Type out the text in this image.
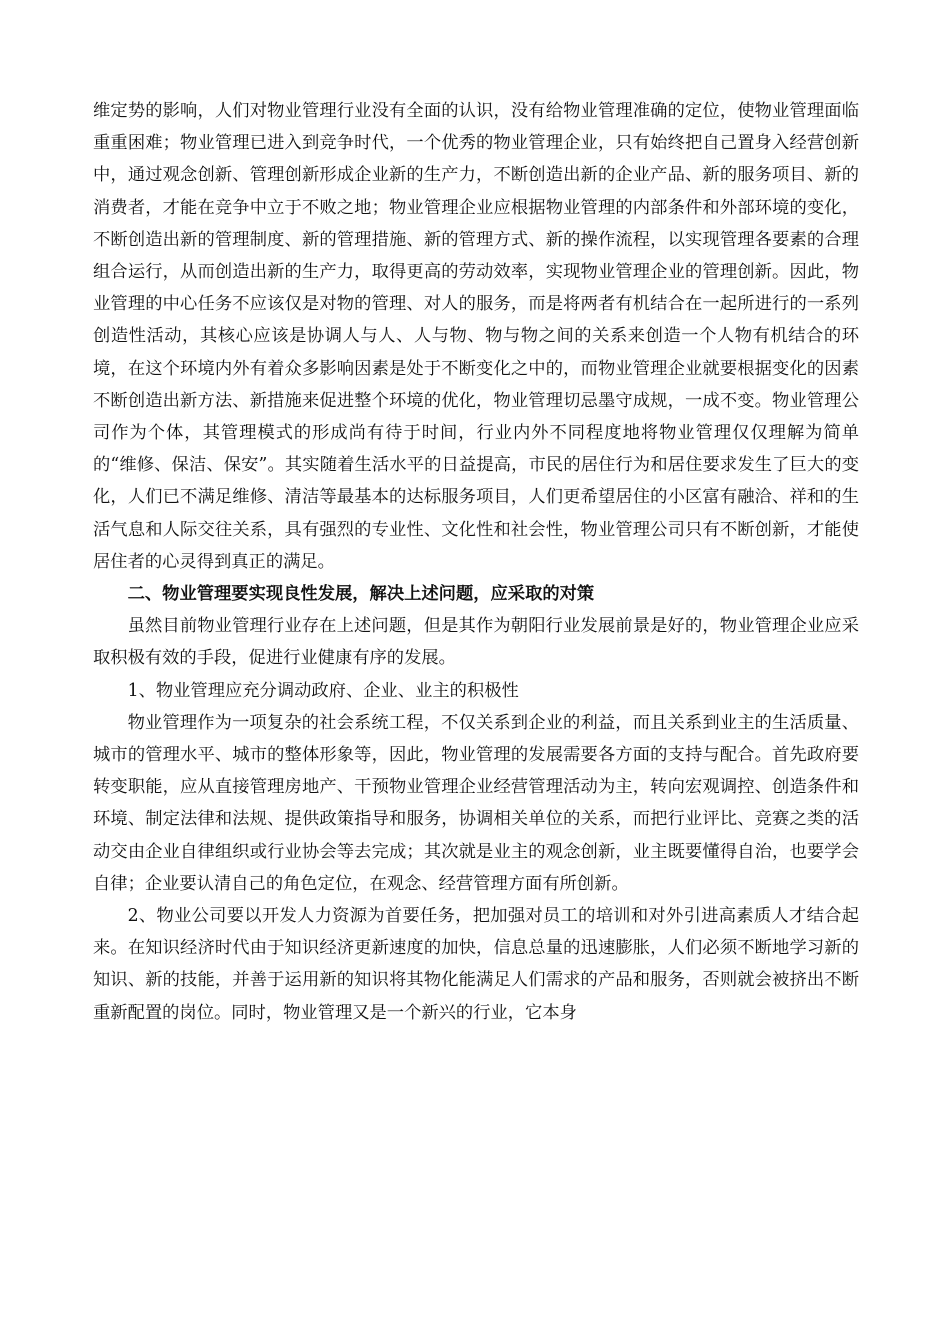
维定势的影响，人们对物业管理行业没有全面的认识，没有给物业管理准确的定位，使物业管理面临重重困难；物业管理已进入到竞争时代，一个优秀的物业管理企业，只有始终把自己置身入经营创新中，通过观念创新、管理创新形成企业新的生产力，不断创造出新的企业产品、新的服务项目、新的消费者，才能在竞争中立于不败之地；物业管理企业应根据物业管理的内部条件和外部环境的变化，不断创造出新的管理制度、新的管理措施、新的管理方式、新的操作流程，以实现管理各要素的合理组合运行，从而创造出新的生产力，取得更高的劳动效率，实现物业管理企业的管理创新。因此，物业管理的中心任务不应该仅是对物的管理、对人的服务，而是将两者有机结合在一起所进行的一系列创造性活动，其核心应该是协调人与人、人与物、物与物之间的关系来创造一个人物有机结合的环境，在这个环境内外有着众多影响因素是处于不断变化之中的，而物业管理企业就要根据变化的因素不断创造出新方法、新措施来促进整个环境的优化，物业管理切忌墨守成规，一成不变。物业管理公司作为个体，其管理模式的形成尚有待于时间，行业内外不同程度地将物业管理仅仅理解为简单的“维修、保洁、保安”。其实随着生活水平的日益提高，市民的居住行为和居住要求发生了巨大的变化，人们已不满足维修、清洁等最基本的达标服务项目，人们更希望居住的小区富有融洽、祥和的生活气息和人际交往关系，具有强烈的专业性、文化性和社会性，物业管理公司只有不断创新，才能使居住者的心灵得到真正的满足。

二、物业管理要实现良性发展，解决上述问题，应采取的对策

虽然目前物业管理行业存在上述问题，但是其作为朝阳行业发展前景是好的，物业管理企业应采取积极有效的手段，促进行业健康有序的发展。

1、物业管理应充分调动政府、企业、业主的积极性

物业管理作为一项复杂的社会系统工程，不仅关系到企业的利益，而且关系到业主的生活质量、城市的管理水平、城市的整体形象等，因此，物业管理的发展需要各方面的支持与配合。首先政府要转变职能，应从直接管理房地产、干预物业管理企业经营管理活动为主，转向宏观调控、创造条件和环境、制定法律和法规、提供政策指导和服务，协调相关单位的关系，而把行业评比、竞赛之类的活动交由企业自律组织或行业协会等去完成；其次就是业主的观念创新，业主既要懂得自治，也要学会自律；企业要认清自己的角色定位，在观念、经营管理方面有所创新。

2、物业公司要以开发人力资源为首要任务，把加强对员工的培训和对外引进高素质人才结合起来。在知识经济时代由于知识经济更新速度的加快，信息总量的迅速膨胀，人们必须不断地学习新的知识、新的技能，并善于运用新的知识将其物化能满足人们需求的产品和服务，否则就会被挤出不断重新配置的岗位。同时，物业管理又是一个新兴的行业，它本身
